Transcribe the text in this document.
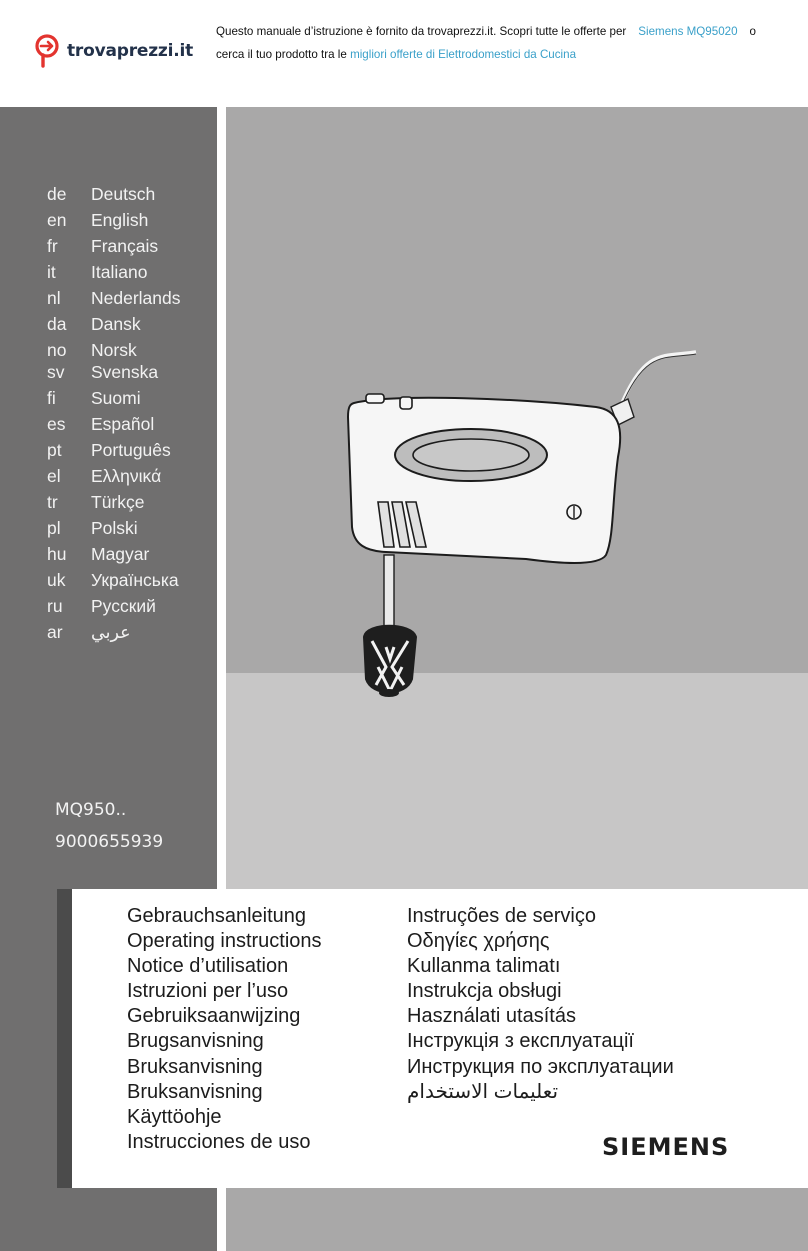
trovaprezzi.it
Questo manuale d’istruzione è fornito da trovaprezzi.it. Scopri tutte le offerte per Siemens MQ95020 o
cerca il tuo prodotto tra le migliori offerte di Elettrodomestici da Cucina
de	Deutsch
en	English
fr	Français
it	Italiano
nl	Nederlands
da	Dansk
no	Norsk
sv	Svenska
fi	Suomi
es	Español
pt	Português
el	Ελληνικά
tr	Türkçe
pl	Polski
hu	Magyar
uk	Українська
ru	Русский
ar	عربي
MQ950..
9000655939
Gebrauchsanleitung
Operating instructions
Notice d’utilisation
Istruzioni per l’uso
Gebruiksaanwijzing
Brugsanvisning
Bruksanvisning
Bruksanvisning
Käyttöohje
Instrucciones de uso
Instruções de serviço
Οδηγίες χρήσης
Kullanma talimatı
Instrukcja obsługi
Használati utasítás
Інструкція з експлуатації
Инструкция по эксплуатации
تعليمات الاستخدام
SIEMENS
